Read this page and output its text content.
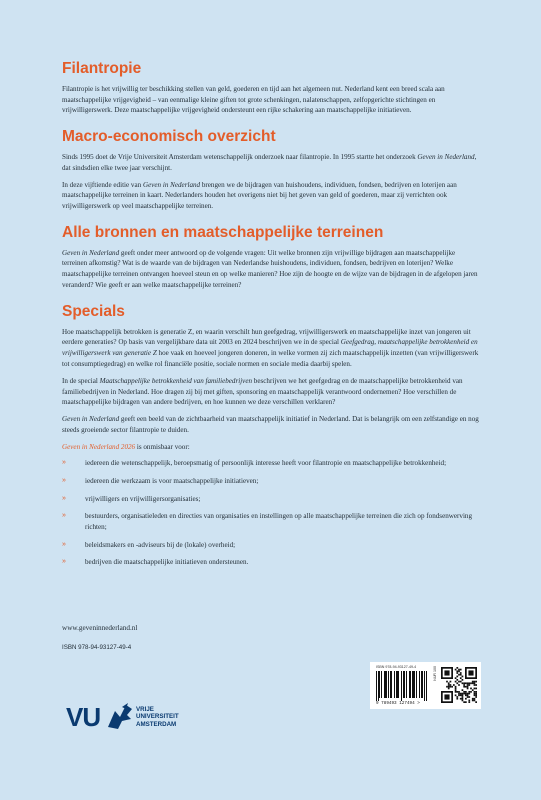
Filantropie

Filantropie is het vrijwillig ter beschikking stellen van geld, goederen en tijd aan het algemeen nut. Nederland kent een breed scala aan maatschappelijke vrijgevigheid – van eenmalige kleine giften tot grote schenkingen, nalatenschappen, zelfopgerichte stichtingen en vrijwilligerswerk. Deze maatschappelijke vrijgevigheid ondersteunt een rijke schakering aan maatschappelijke initiatieven.

Macro-economisch overzicht

Sinds 1995 doet de Vrije Universiteit Amsterdam wetenschappelijk onderzoek naar filantropie. In 1995 startte het onderzoek Geven in Nederland, dat sindsdien elke twee jaar verschijnt.

In deze vijftiende editie van Geven in Nederland brengen we de bijdragen van huishoudens, individuen, fondsen, bedrijven en loterijen aan maatschappelijke terreinen in kaart. Nederlanders houden het overigens niet bij het geven van geld of goederen, maar zij verrichten ook vrijwilligerswerk op veel maatschappelijke terreinen.

Alle bronnen en maatschappelijke terreinen

Geven in Nederland geeft onder meer antwoord op de volgende vragen: Uit welke bronnen zijn vrijwillige bijdragen aan maatschappelijke terreinen afkomstig? Wat is de waarde van de bijdragen van Nederlandse huishoudens, individuen, fondsen, bedrijven en loterijen? Welke maatschappelijke terreinen ontvangen hoeveel steun en op welke manieren? Hoe zijn de hoogte en de wijze van de bijdragen in de afgelopen jaren veranderd? Wie geeft er aan welke maatschappelijke terreinen?

Specials

Hoe maatschappelijk betrokken is generatie Z, en waarin verschilt hun geefgedrag, vrijwilligerswerk en maatschappelijke inzet van jongeren uit eerdere generaties? Op basis van vergelijkbare data uit 2003 en 2024 beschrijven we in de special Geefgedrag, maatschappelijke betrokkenheid en vrijwilligerswerk van generatie Z hoe vaak en hoeveel jongeren doneren, in welke vormen zij zich maatschappelijk inzetten (van vrijwilligerswerk tot consumptiegedrag) en welke rol financiële positie, sociale normen en sociale media daarbij spelen.

In de special Maatschappelijke betrokkenheid van familiebedrijven beschrijven we het geefgedrag en de maatschappelijke betrokkenheid van familiebedrijven in Nederland. Hoe dragen zij bij met giften, sponsoring en maatschappelijk verantwoord ondernemen? Hoe verschillen de maatschappelijke bijdragen van andere bedrijven, en hoe kunnen we deze verschillen verklaren?

Geven in Nederland geeft een beeld van de zichtbaarheid van maatschappelijk initiatief in Nederland. Dat is belangrijk om een zelfstandige en nog steeds groeiende sector filantropie te duiden.

Geven in Nederland 2026 is onmisbaar voor:

»	iedereen die wetenschappelijk, beroepsmatig of persoonlijk interesse heeft voor filantropie en maatschappelijke betrokkenheid;
»	iedereen die werkzaam is voor maatschappelijke initiatieven;
»	vrijwilligers en vrijwilligersorganisaties;
»	bestuurders, organisatieleden en directies van organisaties en instellingen op alle maatschappelijke terreinen die zich op fondsenwerving richten;
»	beleidsmakers en -adviseurs bij de (lokale) overheid;
»	bedrijven die maatschappelijke initiatieven ondersteunen.
www.geveninnederland.nl
ISBN 978-94-93127-49-4
VU	VRIJE
UNIVERSITEIT
AMSTERDAM
ISBN 978-94-93127-49-4
9 789493 127494 >
NUR 100
